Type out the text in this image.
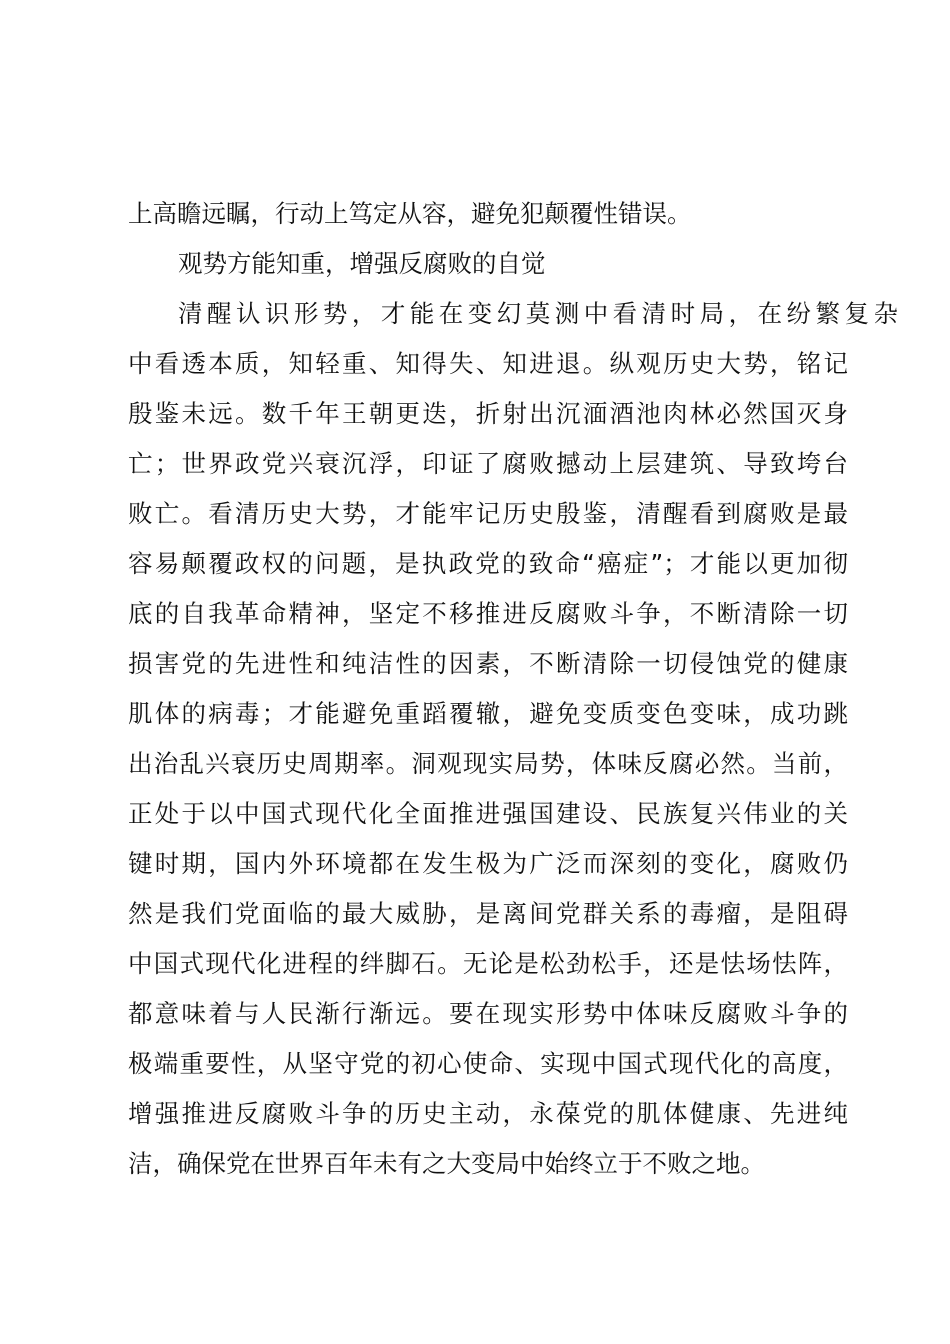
上高瞻远瞩，行动上笃定从容，避免犯颠覆性错误。
观势方能知重，增强反腐败的自觉
清醒认识形势，才能在变幻莫测中看清时局，在纷繁复杂
中看透本质，知轻重、知得失、知进退。纵观历史大势，铭记
殷鉴未远。数千年王朝更迭，折射出沉湎酒池肉林必然国灭身
亡；世界政党兴衰沉浮，印证了腐败撼动上层建筑、导致垮台
败亡。看清历史大势，才能牢记历史殷鉴，清醒看到腐败是最
容易颠覆政权的问题，是执政党的致命“癌症”；才能以更加彻
底的自我革命精神，坚定不移推进反腐败斗争，不断清除一切
损害党的先进性和纯洁性的因素，不断清除一切侵蚀党的健康
肌体的病毒；才能避免重蹈覆辙，避免变质变色变味，成功跳
出治乱兴衰历史周期率。洞观现实局势，体味反腐必然。当前，
正处于以中国式现代化全面推进强国建设、民族复兴伟业的关
键时期，国内外环境都在发生极为广泛而深刻的变化，腐败仍
然是我们党面临的最大威胁，是离间党群关系的毒瘤，是阻碍
中国式现代化进程的绊脚石。无论是松劲松手，还是怯场怯阵，
都意味着与人民渐行渐远。要在现实形势中体味反腐败斗争的
极端重要性，从坚守党的初心使命、实现中国式现代化的高度，
增强推进反腐败斗争的历史主动，永葆党的肌体健康、先进纯
洁，确保党在世界百年未有之大变局中始终立于不败之地。
